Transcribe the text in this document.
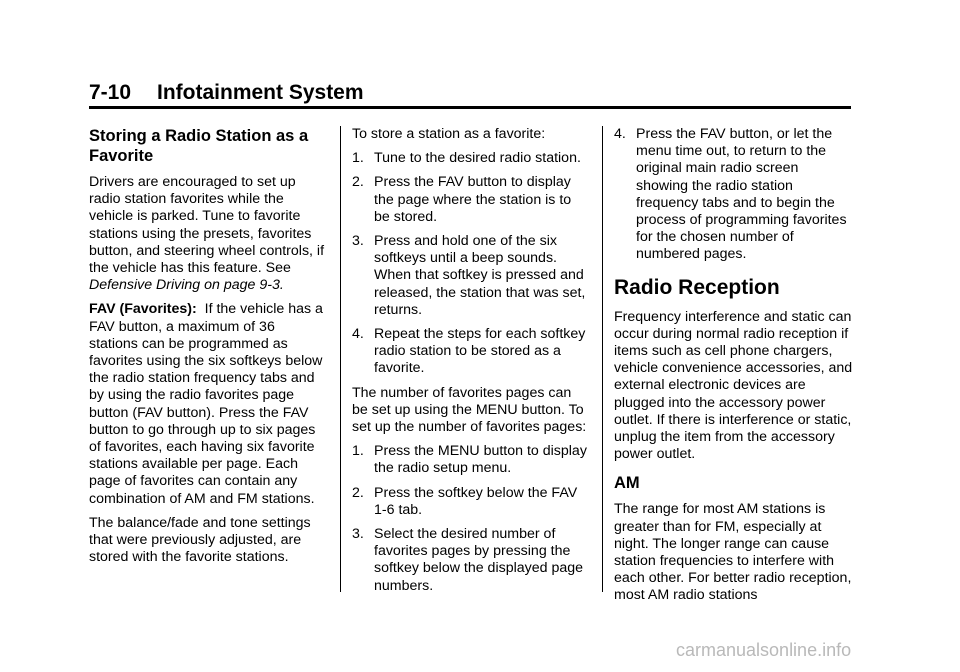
7-10 Infotainment System
Storing a Radio Station as a Favorite

Drivers are encouraged to set up radio station favorites while the vehicle is parked. Tune to favorite stations using the presets, favorites button, and steering wheel controls, if the vehicle has this feature. See Defensive Driving on page 9-3.

FAV (Favorites): If the vehicle has a FAV button, a maximum of 36 stations can be programmed as favorites using the six softkeys below the radio station frequency tabs and by using the radio favorites page button (FAV button). Press the FAV button to go through up to six pages of favorites, each having six favorite stations available per page. Each page of favorites can contain any combination of AM and FM stations.

The balance/fade and tone settings that were previously adjusted, are stored with the favorite stations.

To store a station as a favorite:

1. Tune to the desired radio station.
2. Press the FAV button to display the page where the station is to be stored.
3. Press and hold one of the six softkeys until a beep sounds. When that softkey is pressed and released, the station that was set, returns.
4. Repeat the steps for each softkey radio station to be stored as a favorite.

The number of favorites pages can be set up using the MENU button. To set up the number of favorites pages:

1. Press the MENU button to display the radio setup menu.
2. Press the softkey below the FAV 1-6 tab.
3. Select the desired number of favorites pages by pressing the softkey below the displayed page numbers.
4. Press the FAV button, or let the menu time out, to return to the original main radio screen showing the radio station frequency tabs and to begin the process of programming favorites for the chosen number of numbered pages.
Radio Reception

Frequency interference and static can occur during normal radio reception if items such as cell phone chargers, vehicle convenience accessories, and external electronic devices are plugged into the accessory power outlet. If there is interference or static, unplug the item from the accessory power outlet.

AM

The range for most AM stations is greater than for FM, especially at night. The longer range can cause station frequencies to interfere with each other. For better radio reception, most AM radio stations

carmanualsonline.info
